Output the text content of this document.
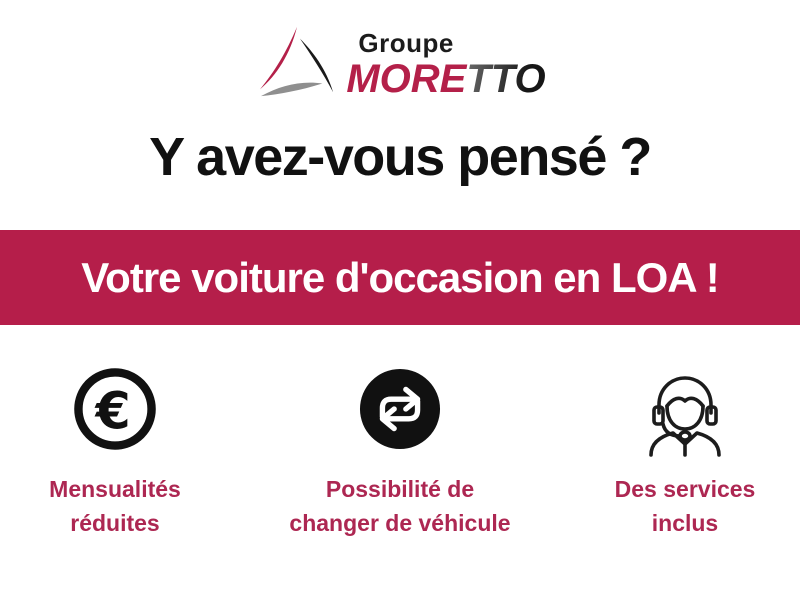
Groupe
MORETTO
Y avez-vous pensé ?
Votre voiture d'occasion en LOA !
€
Mensualités
réduites
Possibilité de
changer de véhicule
Des services
inclus
